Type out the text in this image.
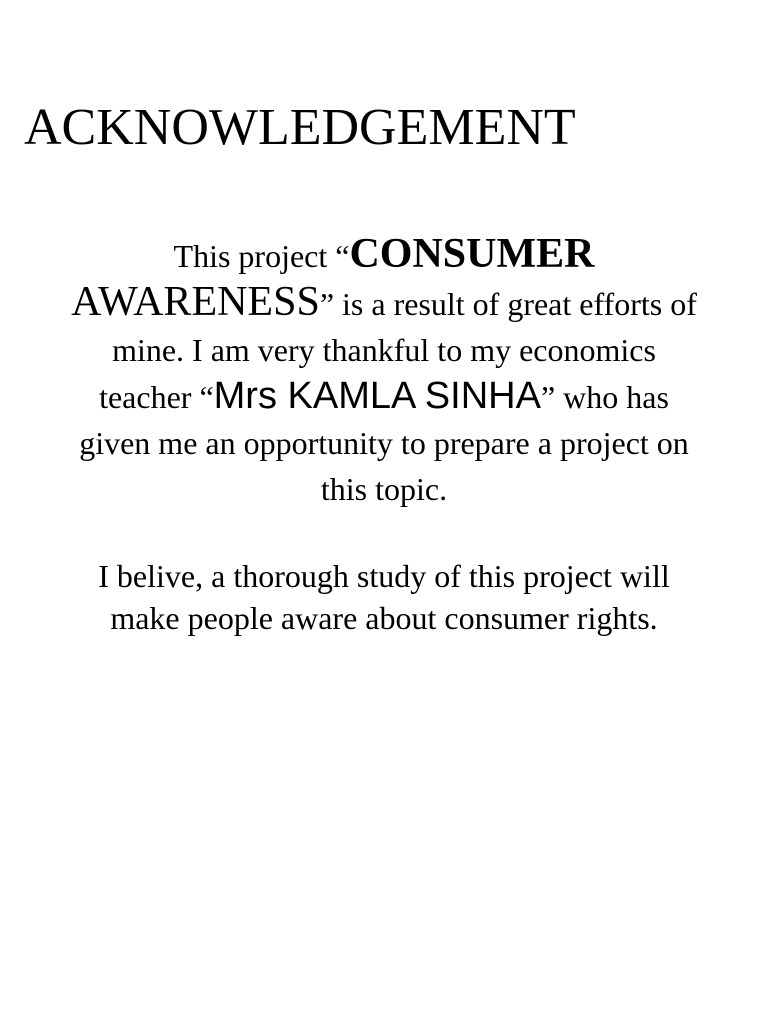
ACKNOWLEDGEMENT

This project “CONSUMER
AWARENESS” is a result of great efforts of
mine. I am very thankful to my economics
teacher “Mrs KAMLA SINHA” who has
given me an opportunity to prepare a project on
this topic.

I belive, a thorough study of this project will
make people aware about consumer rights.
